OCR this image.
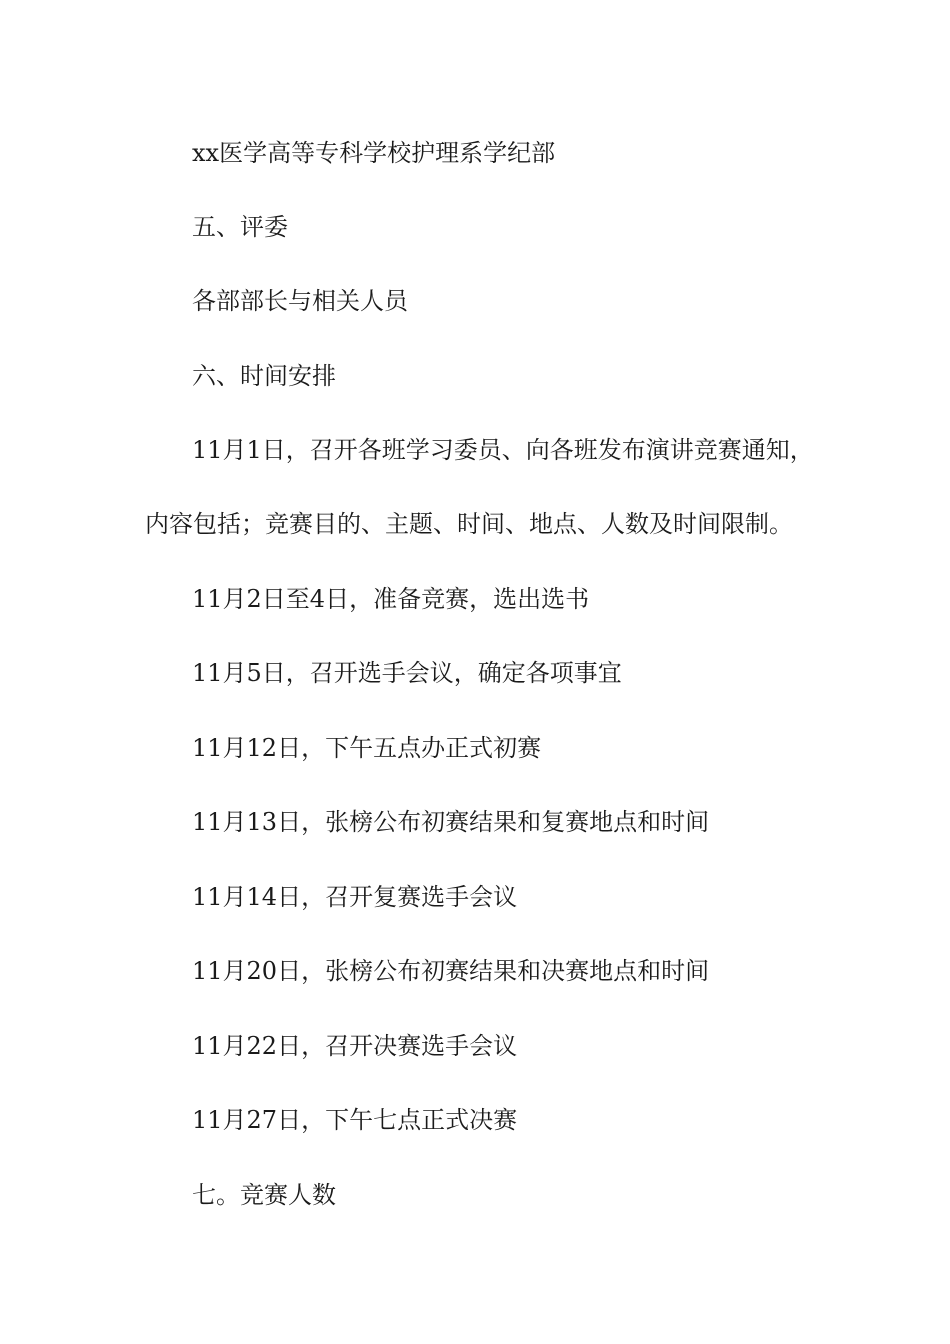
xx医学高等专科学校护理系学纪部
五、评委
各部部长与相关人员
六、时间安排
11月1日，召开各班学习委员、向各班发布演讲竞赛通知，
内容包括；竞赛目的、主题、时间、地点、人数及时间限制。
11月2日至4日，准备竞赛，选出选书
11月5日，召开选手会议，确定各项事宜
11月12日，下午五点办正式初赛
11月13日，张榜公布初赛结果和复赛地点和时间
11月14日，召开复赛选手会议
11月20日，张榜公布初赛结果和决赛地点和时间
11月22日，召开决赛选手会议
11月27日，下午七点正式决赛
七。竞赛人数
